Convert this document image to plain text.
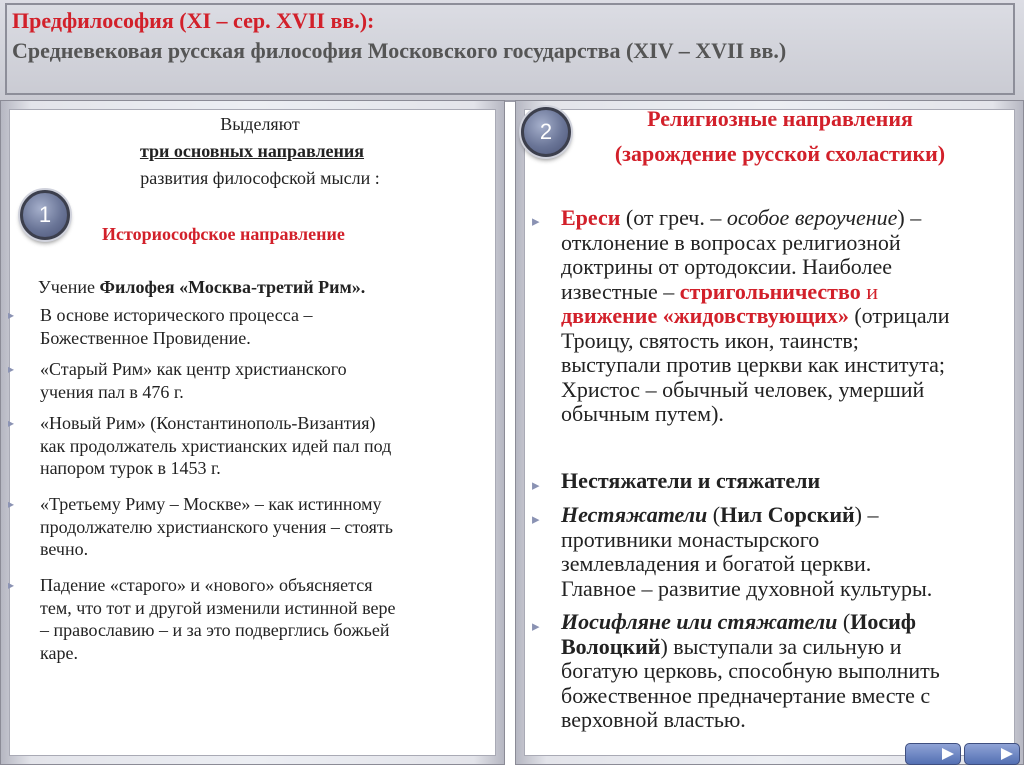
Предфилософия (XI – сер. XVII вв.):
Средневековая русская философия Московского государства (XIV – XVII вв.)
Выделяют
три основных направления
развития философской мысли :
1
Историософское направление
Учение Филофея «Москва-третий Рим».
▸ В основе исторического процесса –
Божественное Провидение.
▸ «Старый Рим» как центр христианского
учения пал в 476 г.
▸ «Новый Рим» (Константинополь-Византия)
как продолжатель христианских идей пал под
напором турок в 1453 г.
▸ «Третьему Риму – Москве» – как истинному
продолжателю христианского учения – стоять
вечно.
▸ Падение «старого» и «нового» объясняется
тем, что тот и другой изменили истинной вере
– православию – и за это подверглись божьей
каре.
2
Религиозные направления
(зарождение русской схоластики)
▸ Ереси (от греч. – особое вероучение) –
отклонение в вопросах религиозной
доктрины от ортодоксии. Наиболее
известные – стригольничество и
движение «жидовствующих» (отрицали
Троицу, святость икон, таинств;
выступали против церкви как института;
Христос – обычный человек, умерший
обычным путем).
▸ Нестяжатели и стяжатели
▸ Нестяжатели (Нил Сорский) –
противники монастырского
землевладения и богатой церкви.
Главное – развитие духовной культуры.
▸ Иосифляне или стяжатели (Иосиф
Волоцкий) выступали за сильную и
богатую церковь, способную выполнить
божественное предначертание вместе с
верховной властью.
